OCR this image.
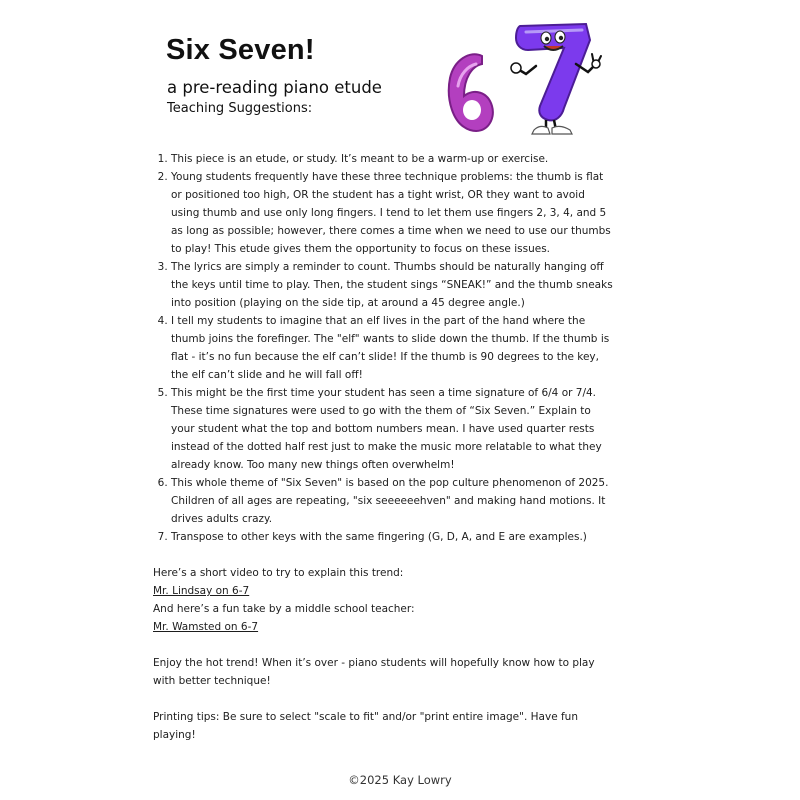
Six Seven!
a pre-reading piano etude
Teaching Suggestions:
1. This piece is an etude, or study. It’s meant to be a warm-up or exercise.
2. Young students frequently have these three technique problems: the thumb is flat or positioned too high, OR the student has a tight wrist, OR they want to avoid using thumb and use only long fingers. I tend to let them use fingers 2, 3, 4, and 5 as long as possible; however, there comes a time when we need to use our thumbs to play! This etude gives them the opportunity to focus on these issues.
3. The lyrics are simply a reminder to count. Thumbs should be naturally hanging off the keys until time to play. Then, the student sings “SNEAK!” and the thumb sneaks into position (playing on the side tip, at around a 45 degree angle.)
4. I tell my students to imagine that an elf lives in the part of the hand where the thumb joins the forefinger. The "elf" wants to slide down the thumb. If the thumb is flat - it’s no fun because the elf can’t slide! If the thumb is 90 degrees to the key, the elf can’t slide and he will fall off!
5. This might be the first time your student has seen a time signature of 6/4 or 7/4. These time signatures were used to go with the them of “Six Seven.” Explain to your student what the top and bottom numbers mean. I have used quarter rests instead of the dotted half rest just to make the music more relatable to what they already know. Too many new things often overwhelm!
6. This whole theme of "Six Seven" is based on the pop culture phenomenon of 2025. Children of all ages are repeating, "six seeeeeehven" and making hand motions. It drives adults crazy.
7. Transpose to other keys with the same fingering (G, D, A, and E are examples.)

Here’s a short video to try to explain this trend:

Mr. Lindsay on 6-7

And here’s a fun take by a middle school teacher:

Mr. Wamsted on 6-7

Enjoy the hot trend! When it’s over - piano students will hopefully know how to play with better technique!

Printing tips: Be sure to select "scale to fit" and/or "print entire image". Have fun playing!

©2025 Kay Lowry
